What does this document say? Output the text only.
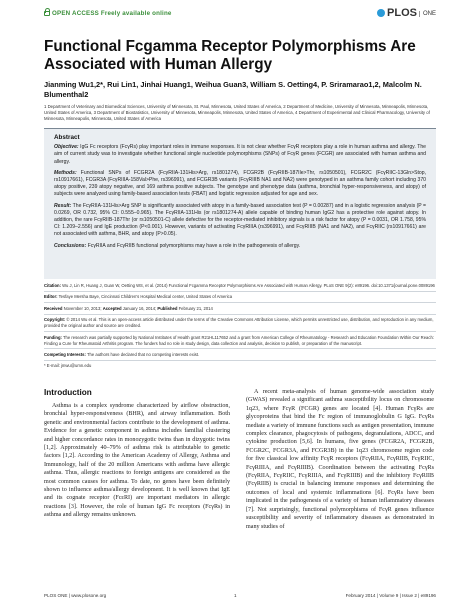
OPEN ACCESS Freely available online	PLOS ONE
Functional Fcgamma Receptor Polymorphisms Are Associated with Human Allergy
Jianming Wu1,2*, Rui Lin1, Jinhai Huang1, Weihua Guan3, William S. Oetting4, P. Sriramarao1,2, Malcolm N. Blumenthal2
1 Department of Veterinary and Biomedical Sciences, University of Minnesota, St. Paul, Minnesota, United States of America, 2 Department of Medicine, University of Minnesota, Minneapolis, Minnesota, United States of America, 3 Department of Biostatistics, University of Minnesota, Minneapolis, Minnesota, United States of America, 4 Department of Experimental and Clinical Pharmacology, University of Minnesota, Minneapolis, Minnesota, United States of America
Abstract

Objective: IgG Fc receptors (FcγRs) play important roles in immune responses. It is not clear whether FcγR receptors play a role in human asthma and allergy. The aim of current study was to investigate whether functional single nucleotide polymorphisms (SNPs) of FcγR genes (FCGR) are associated with human asthma and allergy.

Methods: Functional SNPs of FCGR2A (FcγRIIA-131His>Arg, rs1801274), FCGR2B (FcγRIIB-187Ile>Thr, rs1050501), FCGR2C (FcγRIIC-13Gln>Stop, rs10917661), FCGR3A (FcγRIIIA-158Val>Phe, rs396991), and FCGR3B variants (FcγRIIIB NA1 and NA2) were genotyped in an asthma family cohort including 370 atopy positive, 239 atopy negative, and 169 asthma positive subjects. The genotype and phenotype data (asthma, bronchial hyper-responsiveness, and atopy) of subjects were analyzed using family-based association tests (FBAT) and logistic regression adjusted for age and sex.

Result: The FcγRIIA-131His>Arg SNP is significantly associated with atopy in a family-based association test (P = 0.00287) and in a logistic regression analysis (P = 0.0269, OR 0.732, 95% CI: 0.555–0.965). The FcγRIIA-131His (or rs1801274-A) allele capable of binding human IgG2 has a protective role against atopy. In addition, the rare FcγRIIB-187Thr (or rs1050501-C) allele defective for the receptor-mediated inhibitory signals is a risk factor for atopy (P = 0.0031, OR 1.758, 95% CI: 1.209–2.556) and IgE production (P<0.001). However, variants of activating FcγRIIIA (rs396991), and FcγRIIIB (NA1 and NA2), and FcγRIIC (rs10917661) are not associated with asthma, BHR, and atopy (P>0.05).

Conclusions: FcγRIIA and FcγRIIB functional polymorphisms may have a role in the pathogenesis of allergy.

Citation: Wu J, Lin R, Huang J, Guan W, Oetting WS, et al. (2014) Functional Fcgamma Receptor Polymorphisms Are Associated with Human Allergy. PLoS ONE 9(2): e89196. doi:10.1371/journal.pone.0089196

Editor: Tesfaye Mersha Baye, Cincinnati Children's Hospital Medical center, United States of America

Received November 10, 2013; Accepted January 16, 2014; Published February 21, 2014

Copyright: © 2014 Wu et al. This is an open-access article distributed under the terms of the Creative Commons Attribution License, which permits unrestricted use, distribution, and reproduction in any medium, provided the original author and source are credited.

Funding: The research was partially supported by National Institutes of Health grant R21HL117652 and a grant from American College of Rheumatology - Research and Education Foundation Within Our Reach: Finding a Cure for Rheumatoid Arthritis program. The funders had no role in study design, data collection and analysis, decision to publish, or preparation of the manuscript.

Competing Interests: The authors have declared that no competing interests exist.

* E-mail: jmwu@umn.edu

Introduction
Asthma is a complex syndrome characterized by airflow obstruction, bronchial hyper-responsiveness (BHR), and airway inflammation. Both genetic and environmental factors contribute to the development of asthma. Evidence for a genetic component in asthma includes familial clustering and higher concordance rates in monozygotic twins than in dizygotic twins [1,2]. Approximately 40–79% of asthma risk is attributable to genetic factors [1,2]. According to the American Academy of Allergy, Asthma and Immunology, half of the 20 million Americans with asthma have allergic asthma. Thus, allergic reactions to foreign antigens are considered as the most common causes for asthma. To date, no genes have been definitely shown to influence asthma/allergy development. It is well known that IgE and its cognate receptor (FcεRI) are important mediators in allergic reactions [3]. However, the role of human IgG Fc receptors (FcγRs) in asthma and allergy remains unknown.
A recent meta-analysis of human genome-wide association study (GWAS) revealed a significant asthma susceptibility locus on chromosome 1q23, where FcγR (FCGR) genes are located [4]. Human FcγRs are glycoproteins that bind the Fc region of immunoglobulin G IgG. FcγRs mediate a variety of immune functions such as antigen presentation, immune complex clearance, phagocytosis of pathogens, degranulations, ADCC, and cytokine production [5,6]. In humans, five genes (FCGR2A, FCGR2B, FCGR2C, FCGR3A, and FCGR3B) in the 1q23 chromosome region code for five classical low affinity FcγR receptors (FcγRIIA, FcγRIIB, FcγRIIC, FcγRIIIA, and FcγRIIIB). Coordination between the activating FcγRs (FcγRIIA, FcγRIIC, FcγRIIIA, and FcγRIIIB) and the inhibitory FcγRIIB (FcγRIIB) is crucial in balancing immune responses and determining the outcomes of local and systemic inflammations [6]. FcγRs have been implicated in the pathogenesis of a variety of human inflammatory diseases [7]. Not surprisingly, functional polymorphisms of FcγR genes influence susceptibility and severity of inflammatory diseases as demonstrated in many studies of
PLOS ONE | www.plosone.org	1	February 2014 | Volume 9 | Issue 2 | e89196
